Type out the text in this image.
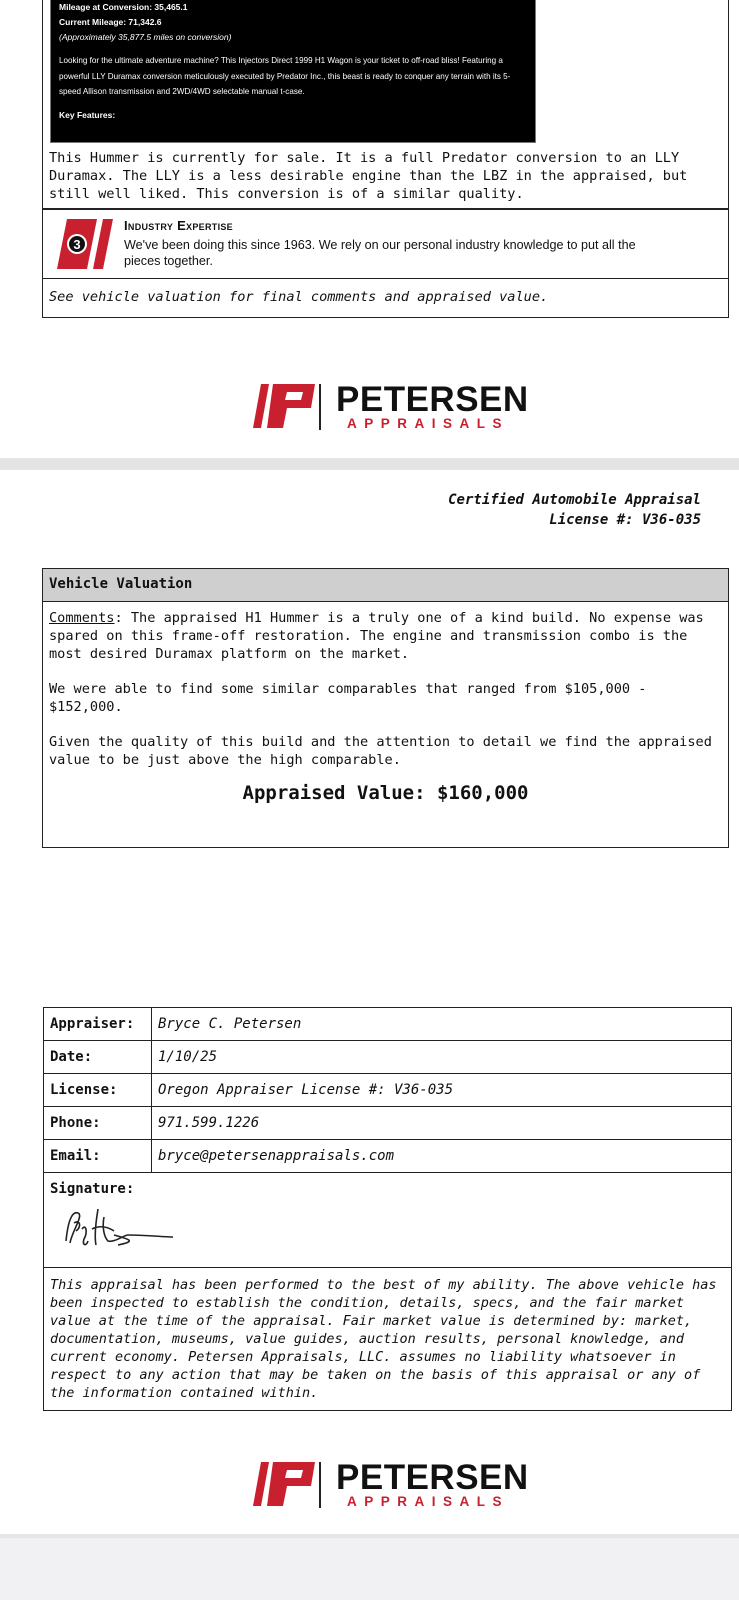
Mileage at Conversion: 35,465.1
Current Mileage: 71,342.6
(Approximately 35,877.5 miles on conversion)
Looking for the ultimate adventure machine? This Injectors Direct 1999 H1 Wagon is your ticket to off-road bliss! Featuring a powerful LLY Duramax conversion meticulously executed by Predator Inc., this beast is ready to conquer any terrain with its 5-speed Allison transmission and 2WD/4WD selectable manual t-case.
Key Features:
This Hummer is currently for sale. It is a full Predator conversion to an LLY Duramax. The LLY is a less desirable engine than the LBZ in the appraised, but still well liked. This conversion is of a similar quality.
3
Industry Expertise
We've been doing this since 1963. We rely on our personal industry knowledge to put all the pieces together.
See vehicle valuation for final comments and appraised value.
PETERSEN
APPRAISALS
Certified Automobile Appraisal
License #: V36-035
Vehicle Valuation

Comments: The appraised H1 Hummer is a truly one of a kind build. No expense was spared on this frame-off restoration. The engine and transmission combo is the most desired Duramax platform on the market.

We were able to find some similar comparables that ranged from $105,000 - $152,000.

Given the quality of this build and the attention to detail we find the appraised value to be just above the high comparable.

Appraised Value: $160,000
Appraiser:	Bryce C. Petersen
Date:	1/10/25
License:	Oregon Appraiser License #: V36-035
Phone:	971.599.1226
Email:	bryce@petersenappraisals.com
Signature:	

This appraisal has been performed to the best of my ability. The above vehicle has been inspected to establish the condition, details, specs, and the fair market value at the time of the appraisal. Fair market value is determined by: market, documentation, museums, value guides, auction results, personal knowledge, and current economy. Petersen Appraisals, LLC. assumes no liability whatsoever in respect to any action that may be taken on the basis of this appraisal or any of the information contained within.	
PETERSEN
APPRAISALS
